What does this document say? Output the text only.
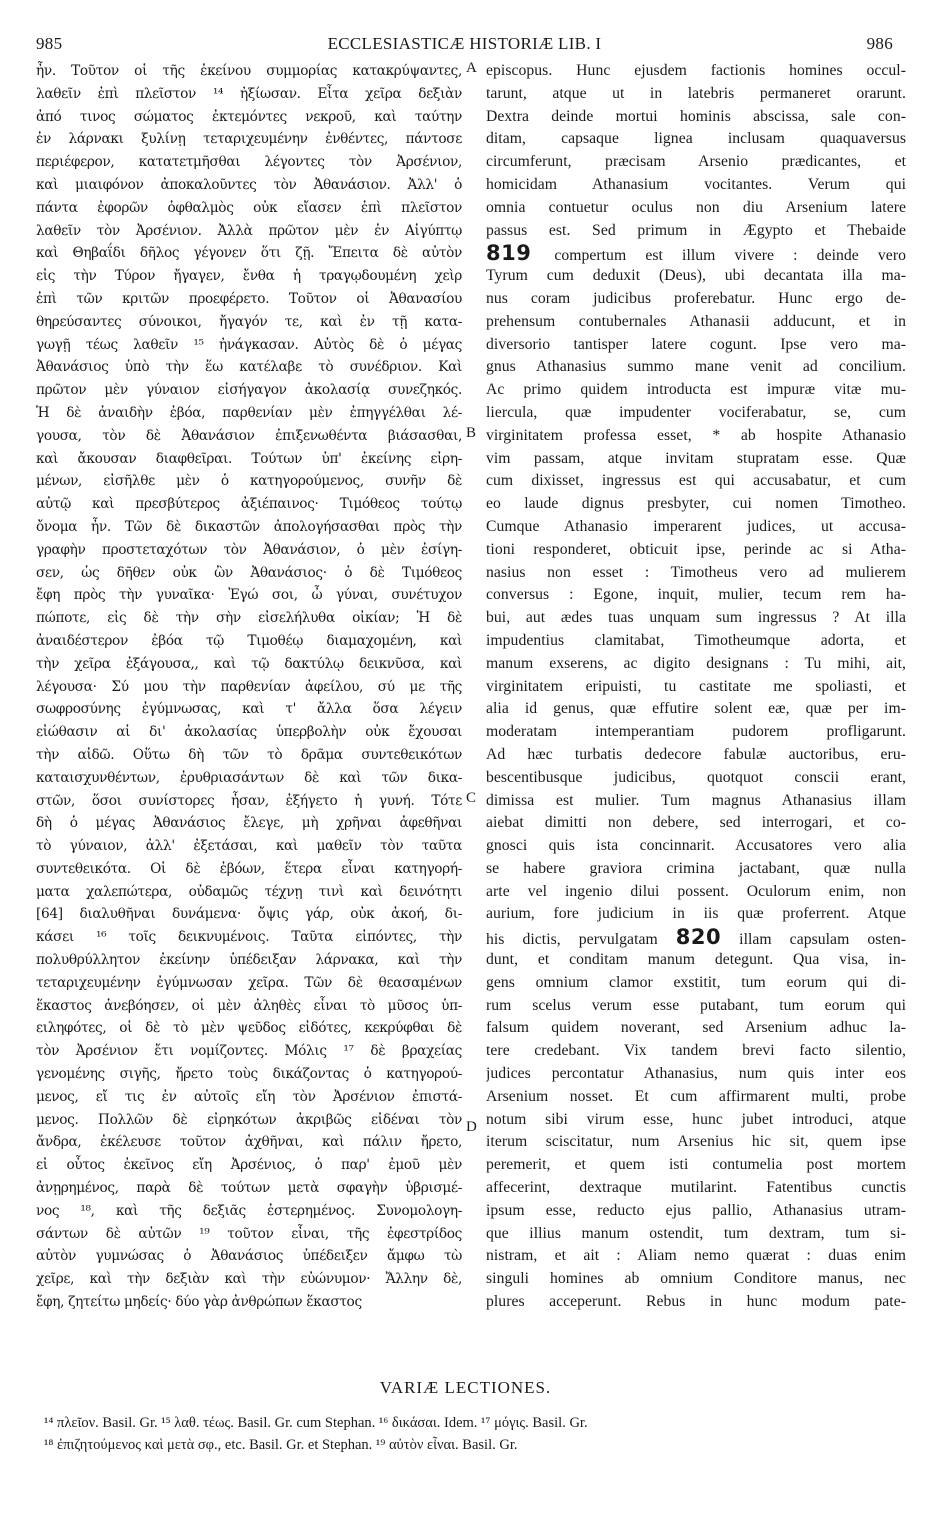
985	ECCLESIASTICÆ HISTORIÆ LIB. I	986
ἦν. Τοῦτον οἱ τῆς ἐκείνου συμμορίας κατακρύψαντες,
λαθεῖν ἐπὶ πλεῖστον ¹⁴ ἠξίωσαν. Εἶτα χεῖρα δεξιὰν
ἀπό τινος σώματος ἐκτεμόντες νεκροῦ, καὶ ταύτην
ἐν λάρνακι ξυλίνῃ τεταριχευμένην ἐνθέντες, πάντοσε
περιέφερον, κατατετμῆσθαι λέγοντες τὸν Ἀρσένιον,
καὶ μιαιφόνον ἀποκαλοῦντες τὸν Ἀθανάσιον. Ἀλλ' ὁ
πάντα ἐφορῶν ὀφθαλμὸς οὐκ εἴασεν ἐπὶ πλεῖστον
λαθεῖν τὸν Ἀρσένιον. Ἀλλὰ πρῶτον μὲν ἐν Αἰγύπτῳ
καὶ Θηβαΐδι δῆλος γέγονεν ὅτι ζῇ. Ἔπειτα δὲ αὐτὸν
εἰς τὴν Τύρον ἤγαγεν, ἔνθα ἡ τραγῳδουμένη χεὶρ
ἐπὶ τῶν κριτῶν προεφέρετο. Τοῦτον οἱ Ἀθανασίου
θηρεύσαντες σύνοικοι, ἤγαγόν τε, καὶ ἐν τῇ κατα-
γωγῇ τέως λαθεῖν ¹⁵ ἠνάγκασαν. Αὐτὸς δὲ ὁ μέγας
Ἀθανάσιος ὑπὸ τὴν ἕω κατέλαβε τὸ συνέδριον. Καὶ
πρῶτον μὲν γύναιον εἰσήγαγον ἀκολασίᾳ συνεζηκός.
Ἡ δὲ ἀναιδὴν ἐβόα, παρθενίαν μὲν ἐπηγγέλθαι λέ-
γουσα, τὸν δὲ Ἀθανάσιον ἐπιξενωθέντα βιάσασθαι,
καὶ ἄκουσαν διαφθεῖραι. Τούτων ὑπ' ἐκείνης εἰρη-
μένων, εἰσῆλθε μὲν ὁ κατηγορούμενος, συνῆν δὲ
αὐτῷ καὶ πρεσβύτερος ἀξιέπαινος· Τιμόθεος τούτῳ
ὄνομα ἦν. Τῶν δὲ δικαστῶν ἀπολογήσασθαι πρὸς τὴν
γραφὴν προστεταχότων τὸν Ἀθανάσιον, ὁ μὲν ἐσίγη-
σεν, ὡς δῆθεν οὐκ ὢν Ἀθανάσιος· ὁ δὲ Τιμόθεος
ἔφη πρὸς τὴν γυναῖκα· Ἐγώ σοι, ὦ γύναι, συνέτυχον
πώποτε, εἰς δὲ τὴν σὴν εἰσελήλυθα οἰκίαν; Ἡ δὲ
ἀναιδέστερον ἐβόα τῷ Τιμοθέῳ διαμαχομένη, καὶ
τὴν χεῖρα ἐξάγουσα,, καὶ τῷ δακτύλῳ δεικνῦσα, καὶ
λέγουσα· Σύ μου τὴν παρθενίαν ἀφείλου, σύ με τῆς
σωφροσύνης ἐγύμνωσας, καὶ τ' ἄλλα ὅσα λέγειν
εἰώθασιν αἱ δι' ἀκολασίας ὑπερβολὴν οὐκ ἔχουσαι
τὴν αἰδῶ. Οὕτω δὴ τῶν τὸ δρᾶμα συντεθεικότων
καταισχυνθέντων, ἐρυθριασάντων δὲ καὶ τῶν δικα-
στῶν, ὅσοι συνίστορες ἦσαν, ἐξήγετο ἡ γυνή. Τότε
δὴ ὁ μέγας Ἀθανάσιος ἔλεγε, μὴ χρῆναι ἀφεθῆναι
τὸ γύναιον, ἀλλ' ἐξετάσαι, καὶ μαθεῖν τὸν ταῦτα
συντεθεικότα. Οἱ δὲ ἐβόων, ἕτερα εἶναι κατηγορή-
ματα χαλεπώτερα, οὐδαμῶς τέχνῃ τινὶ καὶ δεινότητι
[64] διαλυθῆναι δυνάμενα· ὄψις γάρ, οὐκ ἀκοή, δι-
κάσει ¹⁶ τοῖς δεικνυμένοις. Ταῦτα εἰπόντες, τὴν
πολυθρύλλητον ἐκείνην ὑπέδειξαν λάρνακα, καὶ τὴν
τεταριχευμένην ἐγύμνωσαν χεῖρα. Τῶν δὲ θεασαμένων
ἕκαστος ἀνεβόησεν, οἱ μὲν ἀληθὲς εἶναι τὸ μῦσος ὑπ-
ειληφότες, οἱ δὲ τὸ μὲν ψεῦδος εἰδότες, κεκρύφθαι δὲ
τὸν Ἀρσένιον ἔτι νομίζοντες. Μόλις ¹⁷ δὲ βραχείας
γενομένης σιγῆς, ἤρετο τοὺς δικάζοντας ὁ κατηγορού-
μενος, εἴ τις ἐν αὐτοῖς εἴη τὸν Ἀρσένιον ἐπιστά-
μενος. Πολλῶν δὲ εἰρηκότων ἀκριβῶς εἰδέναι τὸν
ἄνδρα, ἐκέλευσε τοῦτον ἀχθῆναι, καὶ πάλιν ἤρετο,
εἰ οὗτος ἐκεῖνος εἴη Ἀρσένιος, ὁ παρ' ἐμοῦ μὲν
ἀνῃρημένος, παρὰ δὲ τούτων μετὰ σφαγὴν ὑβρισμέ-
νος ¹⁸, καὶ τῆς δεξιᾶς ἐστερημένος. Συνομολογη-
σάντων δὲ αὐτῶν ¹⁹ τοῦτον εἶναι, τῆς ἐφεστρίδος
αὐτὸν γυμνώσας ὁ Ἀθανάσιος ὑπέδειξεν ἄμφω τὼ
χεῖρε, καὶ τὴν δεξιὰν καὶ τὴν εὐώνυμον· Ἄλλην δὲ,
ἔφη, ζητείτω μηδείς· δύο γὰρ ἀνθρώπων ἕκαστος
A
B
C
D
episcopus. Hunc ejusdem factionis homines occul-
tarunt, atque ut in latebris permaneret orarunt.
Dextra deinde mortui hominis abscissa, sale con-
ditam, capsaque lignea inclusam quaquaversus
circumferunt, præcisam Arsenio prædicantes, et
homicidam Athanasium vocitantes. Verum qui
omnia contuetur oculus non diu Arsenium latere
passus est. Sed primum in Ægypto et Thebaide
819 compertum est illum vivere : deinde vero
Tyrum cum deduxit (Deus), ubi decantata illa ma-
nus coram judicibus proferebatur. Hunc ergo de-
prehensum contubernales Athanasii adducunt, et in
diversorio tantisper latere cogunt. Ipse vero ma-
gnus Athanasius summo mane venit ad concilium.
Ac primo quidem introducta est impuræ vitæ mu-
liercula, quæ impudenter vociferabatur, se, cum
virginitatem professa esset, * ab hospite Athanasio
vim passam, atque invitam stupratam esse. Quæ
cum dixisset, ingressus est qui accusabatur, et cum
eo laude dignus presbyter, cui nomen Timotheo.
Cumque Athanasio imperarent judices, ut accusa-
tioni responderet, obticuit ipse, perinde ac si Atha-
nasius non esset : Timotheus vero ad mulierem
conversus : Egone, inquit, mulier, tecum rem ha-
bui, aut ædes tuas unquam sum ingressus ? At illa
impudentius clamitabat, Timotheumque adorta, et
manum exserens, ac digito designans : Tu mihi, ait,
virginitatem eripuisti, tu castitate me spoliasti, et
alia id genus, quæ effutire solent eæ, quæ per im-
moderatam intemperantiam pudorem profligarunt.
Ad hæc turbatis dedecore fabulæ auctoribus, eru-
bescentibusque judicibus, quotquot conscii erant,
dimissa est mulier. Tum magnus Athanasius illam
aiebat dimitti non debere, sed interrogari, et co-
gnosci quis ista concinnarit. Accusatores vero alia
se habere graviora crimina jactabant, quæ nulla
arte vel ingenio dilui possent. Oculorum enim, non
aurium, fore judicium in iis quæ proferrent. Atque
his dictis, pervulgatam 820 illam capsulam osten-
dunt, et conditam manum detegunt. Qua visa, in-
gens omnium clamor exstitit, tum eorum qui di-
rum scelus verum esse putabant, tum eorum qui
falsum quidem noverant, sed Arsenium adhuc la-
tere credebant. Vix tandem brevi facto silentio,
judices percontatur Athanasius, num quis inter eos
Arsenium nosset. Et cum affirmarent multi, probe
notum sibi virum esse, hunc jubet introduci, atque
iterum sciscitatur, num Arsenius hic sit, quem ipse
peremerit, et quem isti contumelia post mortem
affecerint, dextraque mutilarint. Fatentibus cunctis
ipsum esse, reducto ejus pallio, Athanasius utram-
que illius manum ostendit, tum dextram, tum si-
nistram, et ait : Aliam nemo quærat : duas enim
singuli homines ab omnium Conditore manus, nec
plures acceperunt. Rebus in hunc modum pate-
VARIÆ LECTIONES.
¹⁴ πλεῖον. Basil. Gr. ¹⁵ λαθ. τέως. Basil. Gr. cum Stephan. ¹⁶ δικάσαι. Idem. ¹⁷ μόγις. Basil. Gr.
¹⁸ ἐπιζητούμενος καὶ μετὰ σφ., etc. Basil. Gr. et Stephan. ¹⁹ αὐτὸν εἶναι. Basil. Gr.
